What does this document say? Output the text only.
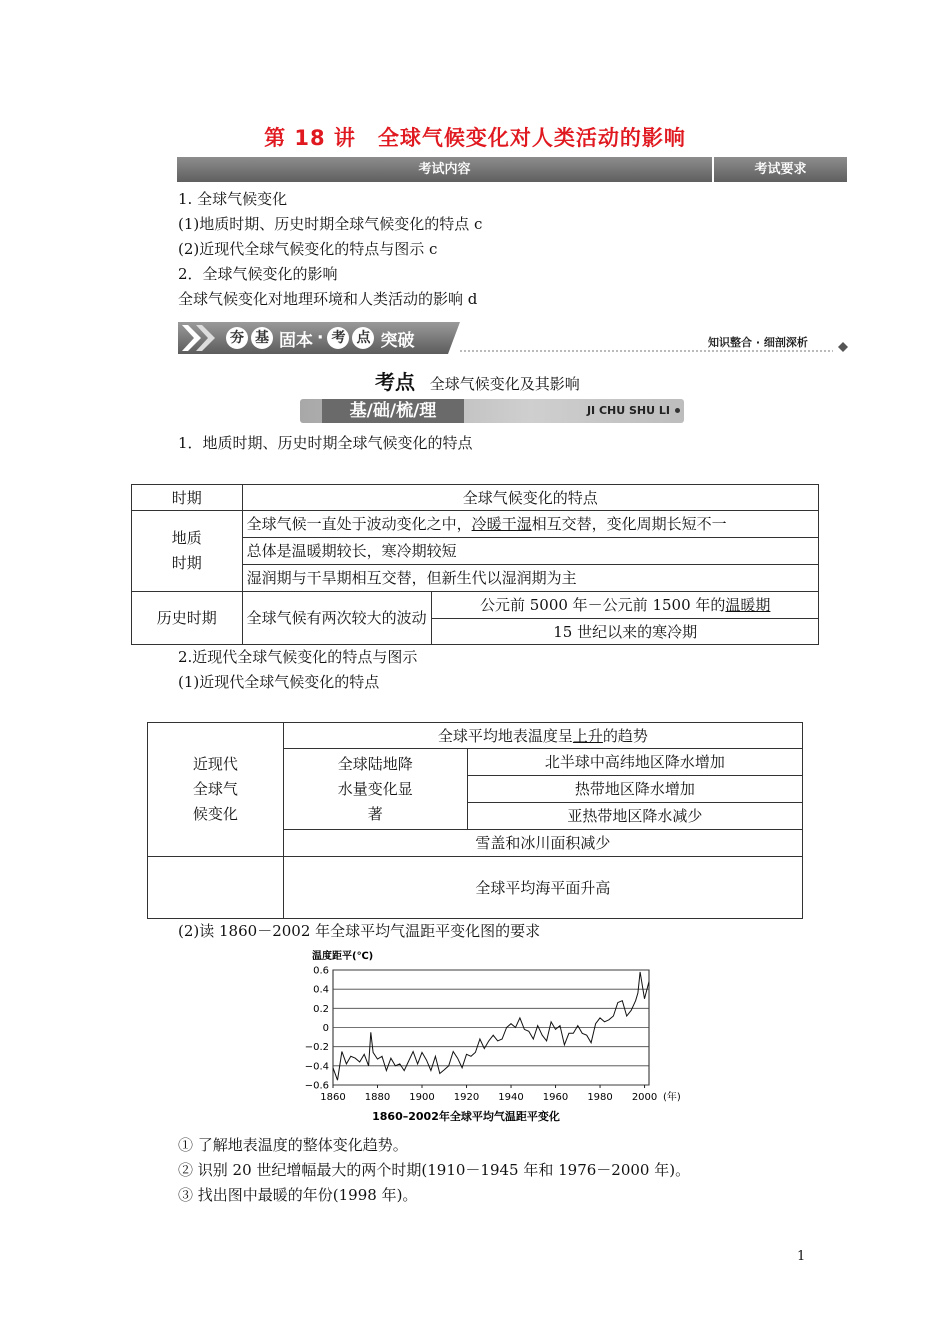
第 18 讲　全球气候变化对人类活动的影响
考试内容	考试要求
1. 全球气候变化
(1)地质时期、历史时期全球气候变化的特点 c
(2)近现代全球气候变化的特点与图示 c
2．全球气候变化的影响
全球气候变化对地理环境和人类活动的影响 d
夯 基 固 本 · 考 点 突 破	知识整合 · 细剖深析
考点 全球气候变化及其影响
基/础/梳/理	JI CHU SHU LI
1．地质时期、历史时期全球气候变化的特点
时期	全球气候变化的特点	

地质时期	全球气候一直处于波动变化之中，冷暖干湿相互交替，变化周期长短不一	
	总体是温暖期较长，寒冷期较短	
	湿润期与干旱期相互交替，但新生代以湿润期为主	
历史时期	全球气候有两次较大的波动	公元前 5000 年－公元前 1500 年的温暖期
		15 世纪以来的寒冷期
2.近现代全球气候变化的特点与图示
(1)近现代全球气候变化的特点
近现代全球气候变化	全球平均地表温度呈上升的趋势	

	全球陆地降水量变化显著	北半球中高纬地区降水增加
		热带地区降水增加
		亚热带地区降水减少
	雪盖和冰川面积减少	
	全球平均海平面升高	
(2)读 1860－2002 年全球平均气温距平变化图的要求
温度距平(℃)
(年)
1860–2002年全球平均气温距平变化
0.6
0.4
0.2
0
−0.2
−0.4
−0.6
1860 1880 1900 1920 1940 1960 1980 2000
① 了解地表温度的整体变化趋势。
② 识别 20 世纪增幅最大的两个时期(1910－1945 年和 1976－2000 年)。
③ 找出图中最暖的年份(1998 年)。
1
